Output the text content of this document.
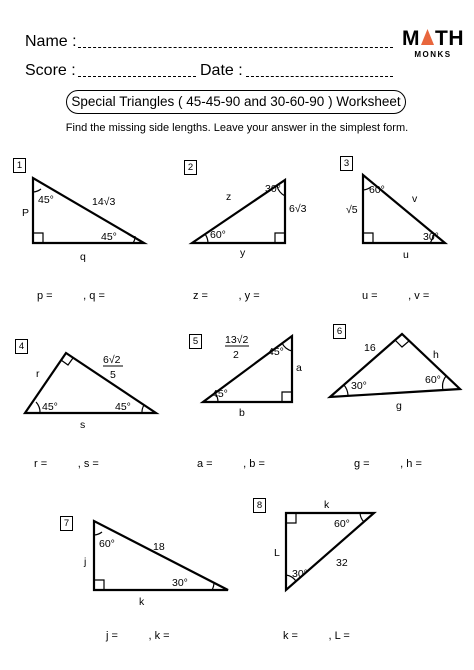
Name :
Score :	Date :
M TH
MONKS
Special Triangles ( 45-45-90 and 30-60-90 ) Worksheet
Find the missing side lengths. Leave your answer in the simplest form.
1	2	3
4	5
6
7
8
45°	14√3
P
45°
q
30°
z
6√3
60°
y
60°
v
√5
30°
u
r
6√2
5
45°	45°
s
13√2
2	45°
a
45°
b
16
h
30°	60°
g
60°	18
j
30°
k
k
60°
L
32
30°
p =          , q =	z =          , y =	u =          , v =
r =          , s =	a =          , b =	g =          , h =
j =          , k =	k =          , L =
